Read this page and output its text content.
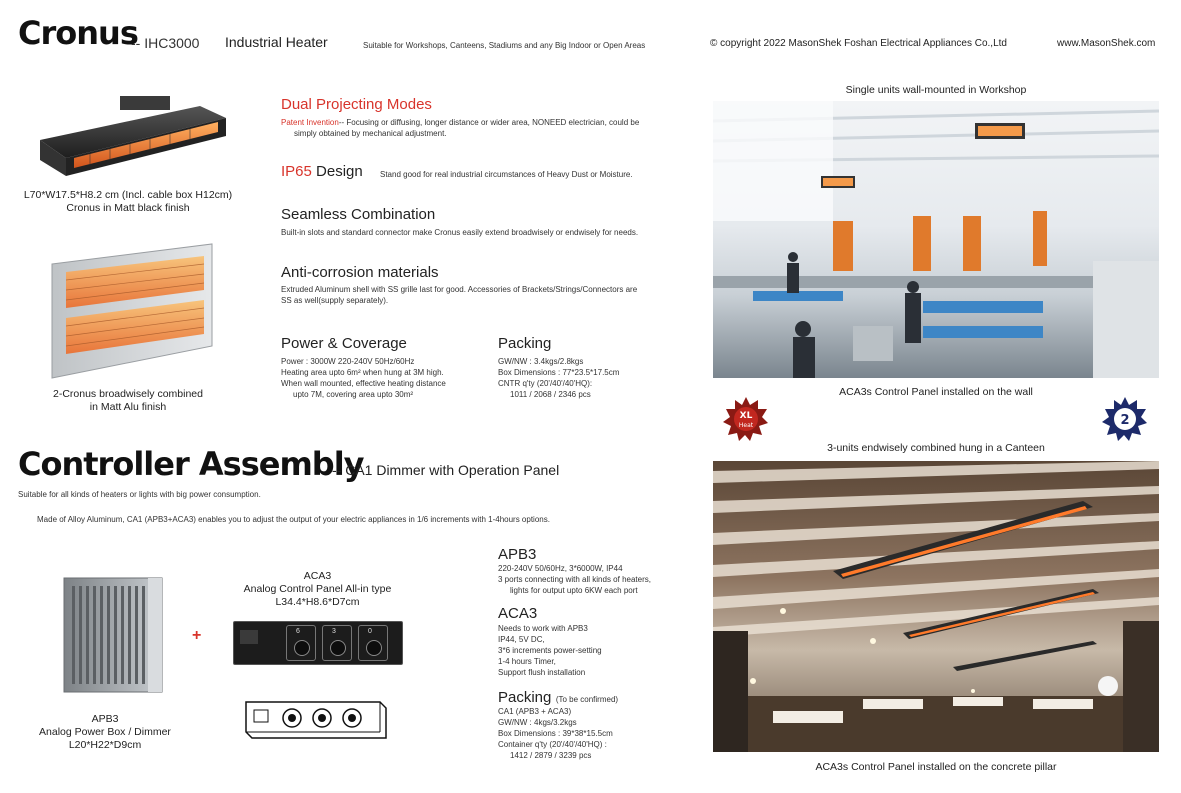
Cronus
-- IHC3000 Industrial Heater	Suitable for Workshops, Canteens, Stadiums and any Big Indoor or Open Areas	© copyright 2022 MasonShek Foshan Electrical Appliances Co.,Ltd	www.MasonShek.com
L70*W17.5*H8.2 cm (Incl. cable box H12cm)
Cronus in Matt black finish
2-Cronus broadwisely combined
in Matt Alu finish
Dual Projecting Modes
Patent Invention-- Focusing or diffusing, longer distance or wider area, NONEED electrician, could be
simply obtained by mechanical adjustment.
IP65 Design Stand good for real industrial circumstances of Heavy Dust or Moisture.
Seamless Combination
Built-in slots and standard connector make Cronus easily extend broadwisely or endwisely for needs.
Anti-corrosion materials
Extruded Aluminum shell with SS grille last for good. Accessories of Brackets/Strings/Connectors are
SS as well(supply separately).
Power & Coverage
Power : 3000W 220-240V 50Hz/60Hz
Heating area upto 6m² when hung at 3M high.
When wall mounted, effective heating distance
upto 7M, covering area upto 30m²
Packing
GW/NW : 3.4kgs/2.8kgs
Box Dimensions : 77*23.5*17.5cm
CNTR q'ty (20'/40'/40'HQ):
1011 / 2068 / 2346 pcs
Single units wall-mounted in Workshop
ACA3s Control Panel installed on the wall
XL
Heat	2
3-units endwisely combined hung in a Canteen
ACA3s Control Panel installed on the concrete pillar
Controller Assembly
-- CA1 Dimmer with Operation Panel
Suitable for all kinds of heaters or lights with big power consumption.
Made of Alloy Aluminum, CA1 (APB3+ACA3) enables you to adjust the output of your electric appliances in 1/6 increments with 1-4hours options.
+
APB3
Analog Power Box / Dimmer
L20*H22*D9cm
ACA3
Analog Control Panel All-in type
L34.4*H8.6*D7cm
6	3	0
APB3
220-240V 50/60Hz, 3*6000W, IP44
3 ports connecting with all kinds of heaters,
lights for output upto 6KW each port
ACA3
Needs to work with APB3
IP44, 5V DC,
3*6 increments power-setting
1-4 hours Timer,
Support flush installation
Packing (To be confirmed)
CA1 (APB3 + ACA3)
GW/NW : 4kgs/3.2kgs
Box Dimensions : 39*38*15.5cm
Container q'ty (20'/40'/40'HQ) :
1412 / 2879 / 3239 pcs
